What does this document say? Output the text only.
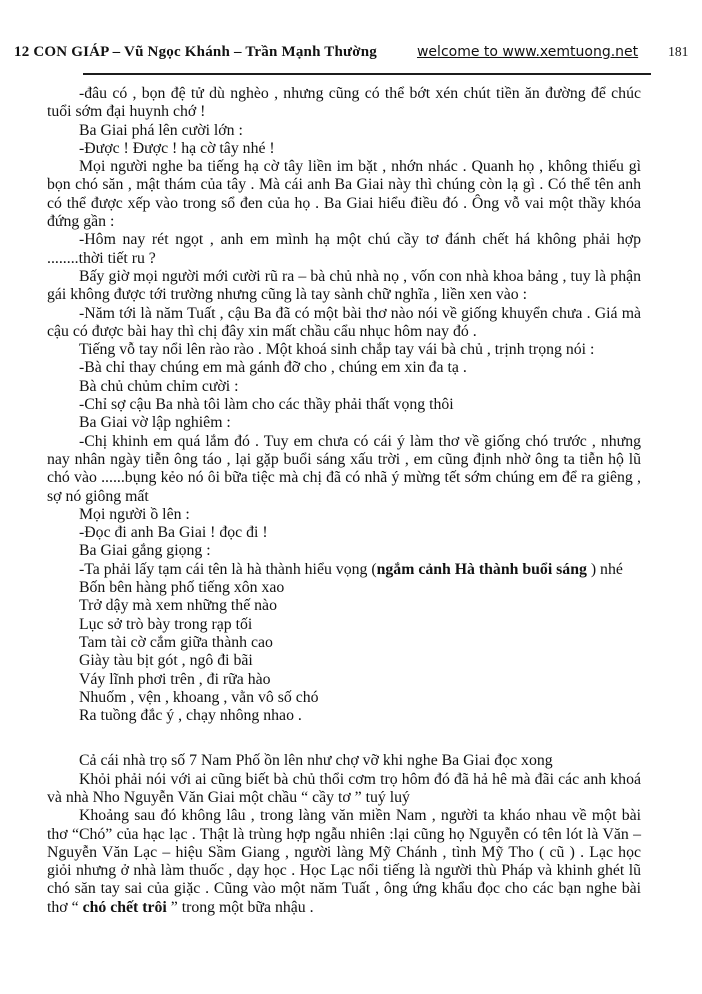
12 CON GIÁP – Vũ Ngọc Khánh – Trần Mạnh Thường	welcome to www.xemtuong.net 181

-đâu có , bọn đệ tử dù nghèo , nhưng cũng có thể bớt xén chút tiền ăn đường để chúc tuổi sớm đại huynh chớ !

Ba Giai phá lên cười lớn :

-Được ! Được ! hạ cờ tây nhé !

Mọi người nghe ba tiếng hạ cờ tây liền im bặt , nhớn nhác . Quanh họ , không thiếu gì bọn chó săn , mật thám của tây . Mà cái anh Ba Giai này thì chúng còn lạ gì . Có thể tên anh có thể được xếp vào trong sổ đen của họ . Ba Giai hiểu điều đó . Ông vỗ vai một thầy khóa đứng gần :

-Hôm nay rét ngọt , anh em mình hạ một chú cầy tơ đánh chết há không phải hợp ........thời tiết ru ?

Bấy giờ mọi người mới cười rũ ra – bà chủ nhà nọ , vốn con nhà khoa bảng , tuy là phận gái không được tới trường nhưng cũng là tay sành chữ nghĩa , liền xen vào :

-Năm tới là năm Tuất , cậu Ba đã có một bài thơ nào nói về giống khuyển chưa . Giá mà cậu có được bài hay thì chị đây xin mất chầu cẩu nhục hôm nay đó .

Tiếng vỗ tay nổi lên rào rào . Một khoá sinh chắp tay vái bà chủ , trịnh trọng nói :

-Bà chỉ thay chúng em mà gánh đỡ cho , chúng em xin đa tạ .

Bà chủ chủm chỉm cười :

-Chỉ sợ cậu Ba nhà tôi làm cho các thầy phải thất vọng thôi

Ba Giai vờ lập nghiêm :

-Chị khinh em quá lắm đó . Tuy em chưa có cái ý làm thơ về giống chó trước , nhưng nay nhân ngày tiễn ông táo , lại gặp buổi sáng xấu trời , em cũng định nhờ ông ta tiễn hộ lũ chó vào ......bụng kẻo nó ôi bữa tiệc mà chị đã có nhã ý mừng tết sớm chúng em để ra giêng , sợ nó giông mất

Mọi người ồ lên :

-Đọc đi anh Ba Giai ! đọc đi !

Ba Giai gắng giọng :

-Ta phải lấy tạm cái tên là hà thành hiểu vọng (ngắm cảnh Hà thành buổi sáng ) nhé

Bốn bên hàng phố tiếng xôn xao

Trở dậy mà xem những thế nào

Lục sở trò bày trong rạp tối

Tam tài cờ cắm giữa thành cao

Giày tàu bịt gót , ngô đi bãi

Váy lĩnh phơi trên , đi rữa hào

Nhuốm , vện , khoang , vằn vô số chó

Ra tuồng đắc ý , chạy nhông nhao .

Cả cái nhà trọ số 7 Nam Phố ồn lên như chợ vỡ khi nghe Ba Giai đọc xong

Khỏi phải nói với ai cũng biết bà chủ thổi cơm trọ hôm đó đã hả hê mà đãi các anh khoá và nhà Nho Nguyễn Văn Giai một chầu “ cầy tơ ” tuý luý

Khoảng sau đó không lâu , trong làng văn miền Nam , người ta kháo nhau về một bài thơ “Chó” của hạc lạc . Thật là trùng hợp ngẫu nhiên :lại cũng họ Nguyễn có tên lót là Văn – Nguyễn Văn Lạc – hiệu Sầm Giang , người làng Mỹ Chánh , tình Mỹ Tho ( cũ ) . Lạc học giỏi nhưng ở nhà làm thuốc , dạy học . Học Lạc nổi tiếng là người thù Pháp và khinh ghét lũ chó săn tay sai của giặc . Cũng vào một năm Tuất , ông ứng khẩu đọc cho các bạn nghe bài thơ “ chó chết trôi ” trong một bữa nhậu .
